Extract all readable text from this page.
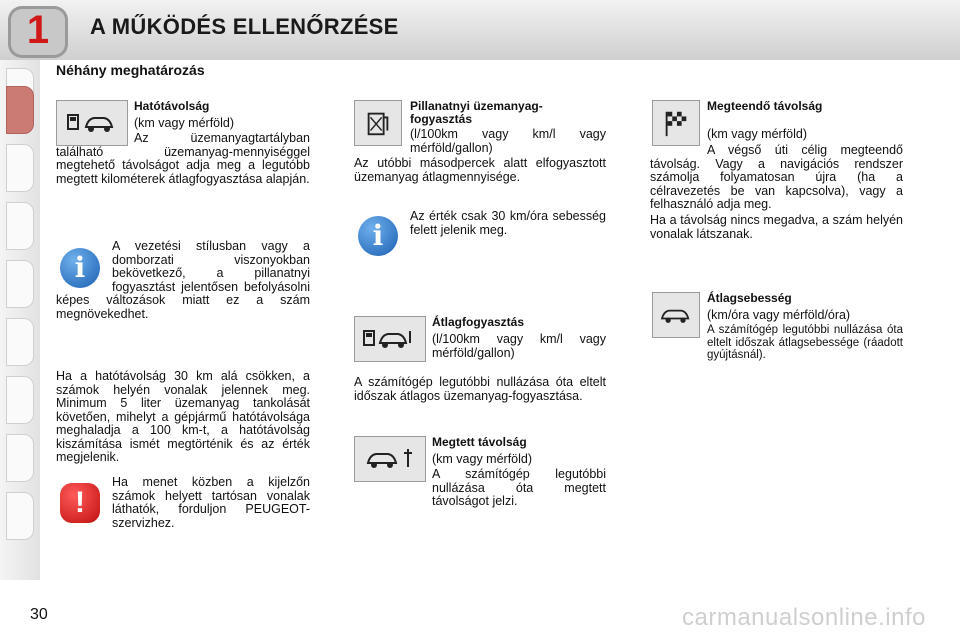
1	A MŰKÖDÉS ELLENŐRZÉSE
Néhány meghatározás
Hatótávolság
(km vagy mérföld)
Az üzemanyagtartályban található üzemanyag-mennyiséggel megtehető távolságot adja meg a legutóbb megtett kilométerek átlagfogyasztása alapján.
i
A vezetési stílusban vagy a domborzati viszonyokban bekövetkező, a pillanatnyi fogyasztást jelentősen befolyásolni képes változások miatt ez a szám megnövekedhet.
Ha a hatótávolság 30 km alá csökken, a számok helyén vonalak jelennek meg. Minimum 5 liter üzemanyag tankolását követően, mihelyt a gépjármű hatótávolsága meghaladja a 100 km-t, a hatótávolság kiszámítása ismét megtörténik és az érték megjelenik.
!
Ha menet közben a kijelzőn számok helyett tartósan vonalak láthatók, forduljon PEUGEOT-szervizhez.
Pillanatnyi üzemanyag-fogyasztás
(l/100km vagy km/l vagy mérföld/gallon)
Az utóbbi másodpercek alatt elfogyasztott üzemanyag átlagmennyisége.
i
Az érték csak 30 km/óra sebesség felett jelenik meg.
Átlagfogyasztás
(l/100km vagy km/l vagy mérföld/gallon)
A számítógép legutóbbi nullázása óta eltelt időszak átlagos üzemanyag-fogyasztása.
Megtett távolság
(km vagy mérföld)
A számítógép legutóbbi nullázása óta megtett távolságot jelzi.
Megteendő távolság
(km vagy mérföld)
A végső úti célig megteendő távolság. Vagy a navigációs rendszer számolja folyamatosan újra (ha a célravezetés be van kapcsolva), vagy a felhasználó adja meg.
Ha a távolság nincs megadva, a szám helyén vonalak látszanak.
Átlagsebesség
(km/óra vagy mérföld/óra)
A számítógép legutóbbi nullázása óta eltelt időszak átlagsebessége (ráadott gyújtásnál).
30	carmanualsonline.info
